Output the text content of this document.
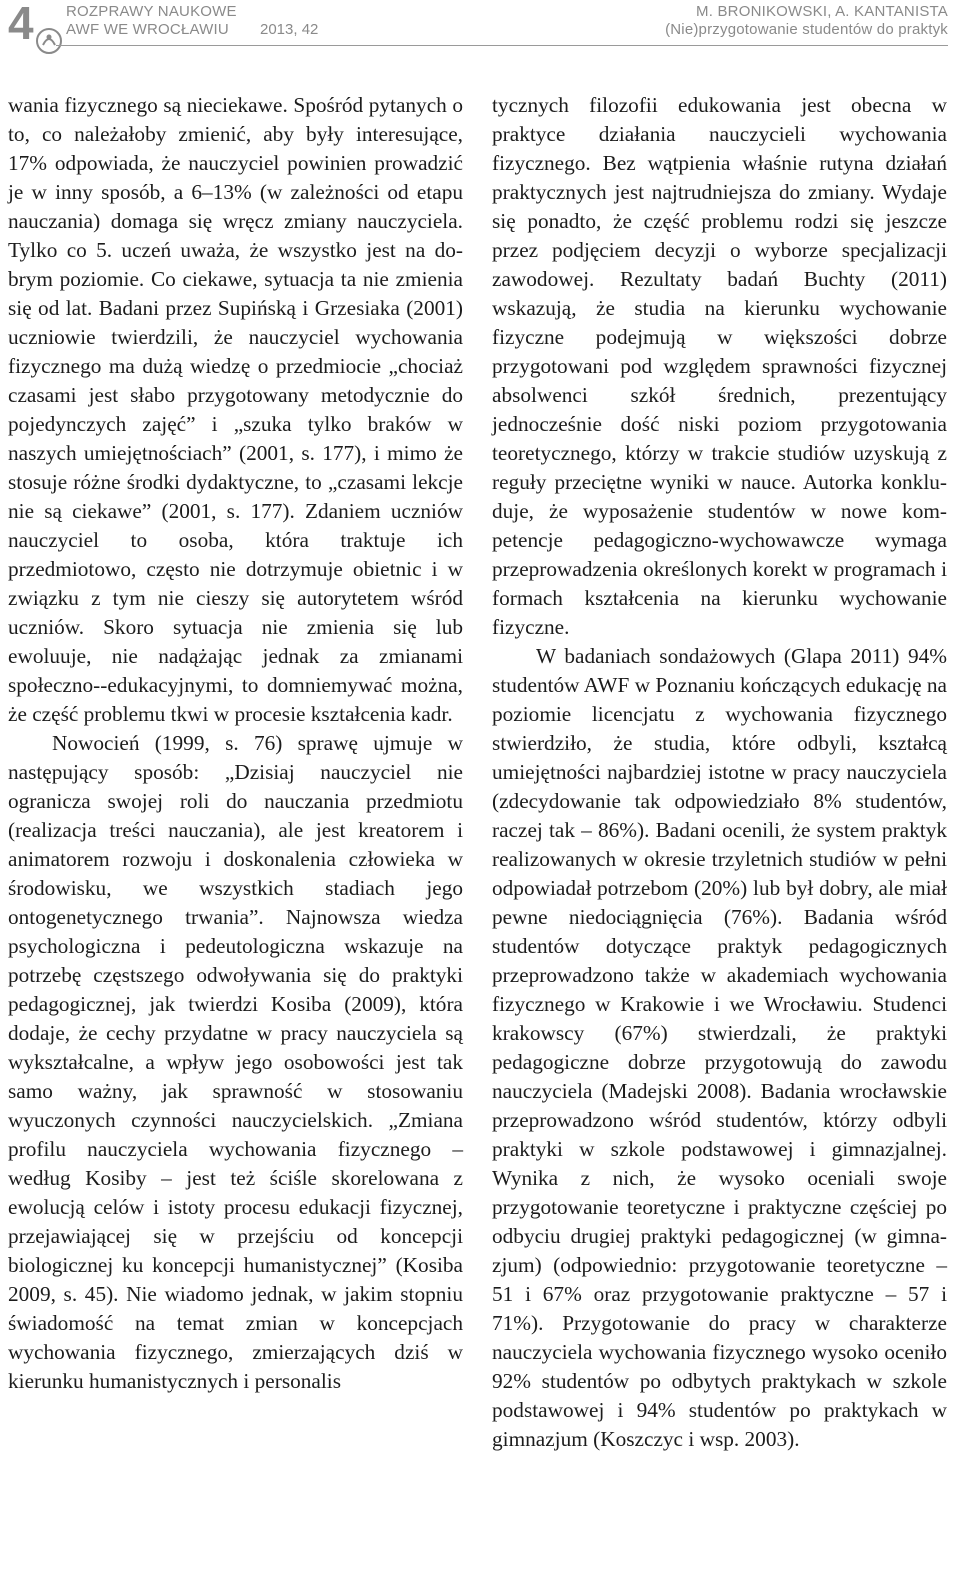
4 ROZPRAWY NAUKOWE
AWF WE WROCŁAWIU	2013, 42
M. BRONIKOWSKI, A. KANTANISTA
(Nie)przygotowanie studentów do praktyk

wania fizycznego są nieciekawe. Spośród pytanych o to, co należałoby zmienić, aby były interesujące, 17% odpowiada, że nauczyciel powinien prowadzić je w inny sposób, a 6–13% (w zależności od etapu nauczania) domaga się wręcz zmiany nauczyciela. Tylko co 5. uczeń uważa, że wszystko jest na dobrym poziomie. Co ciekawe, sytuacja ta nie zmienia się od lat. Badani przez Supińską i Grzesiaka (2001) uczniowie twierdzili, że nauczyciel wychowania fizycznego ma dużą wiedzę o przedmiocie „chociaż czasami jest słabo przygotowany metodycznie do pojedynczych zajęć” i „szuka tylko braków w naszych umiejętnościach” (2001, s. 177), i mimo że stosuje różne środki dydaktyczne, to „czasami lekcje nie są ciekawe” (2001, s. 177). Zdaniem uczniów nauczyciel to osoba, która traktuje ich przedmiotowo, często nie dotrzymuje obietnic i w związku z tym nie cieszy się autorytetem wśród uczniów. Skoro sytuacja nie zmienia się lub ewoluuje, nie nadążając jednak za zmianami społeczno‑-edukacyjnymi, to domniemywać można, że część problemu tkwi w procesie kształcenia kadr.

Nowocień (1999, s. 76) sprawę ujmuje w następujący sposób: „Dzisiaj nauczyciel nie ogranicza swojej roli do nauczania przedmiotu (realizacja treści nauczania), ale jest kreatorem i animatorem rozwoju i doskonalenia człowieka w środowisku, we wszystkich stadiach jego ontogenetycznego trwania”. Najnowsza wiedza psychologiczna i pedeutologiczna wskazuje na potrzebę częstszego odwoływania się do praktyki pedagogicznej, jak twierdzi Kosiba (2009), która dodaje, że cechy przydatne w pracy nauczyciela są wykształcalne, a wpływ jego osobowości jest tak samo ważny, jak sprawność w stosowaniu wyuczonych czynności nauczycielskich. „Zmiana profilu nauczyciela wychowania fizycznego – według Kosiby – jest też ściśle skorelowana z ewolucją celów i istoty procesu edukacji fizycznej, przejawiającej się w przejściu od koncepcji biologicznej ku koncepcji humanistycznej” (Kosiba 2009, s. 45). Nie wiadomo jednak, w jakim stopniu świadomość na temat zmian w koncepcjach wychowania fizycznego, zmierzających dziś w kierunku humanistycznych i personalis

tycznych filozofii edukowania jest obecna w praktyce działania nauczycieli wychowania fizycznego. Bez wątpienia właśnie rutyna działań praktycznych jest najtrudniejsza do zmiany. Wydaje się ponadto, że część problemu rodzi się jeszcze przez podjęciem decyzji o wyborze specjalizacji zawodowej. Rezultaty badań Buchty (2011) wskazują, że studia na kierunku wychowanie fizyczne podejmują w większości dobrze przygotowani pod względem sprawności fizycznej absolwenci szkół średnich, prezentujący jednocześnie dość niski poziom przygotowania teoretycznego, którzy w trakcie studiów uzyskują z reguły przeciętne wyniki w nauce. Autorka konkluduje, że wyposażenie studentów w nowe kompetencje pedagogiczno-wychowawcze wymaga przeprowadzenia określonych korekt w programach i formach kształcenia na kierunku wychowanie fizyczne.

W badaniach sondażowych (Glapa 2011) 94% studentów AWF w Poznaniu kończących edukację na poziomie licencjatu z wychowania fizycznego stwierdziło, że studia, które odbyli, kształcą umiejętności najbardziej istotne w pracy nauczyciela (zdecydowanie tak odpowiedziało 8% studentów, raczej tak – 86%). Badani ocenili, że system praktyk realizowanych w okresie trzyletnich studiów w pełni odpowiadał potrzebom (20%) lub był dobry, ale miał pewne niedociągnięcia (76%). Badania wśród studentów dotyczące praktyk pedagogicznych przeprowadzono także w akademiach wychowania fizycznego w Krakowie i we Wrocławiu. Studenci krakowscy (67%) stwierdzali, że praktyki pedagogiczne dobrze przygotowują do zawodu nauczyciela (Madejski 2008). Badania wrocławskie przeprowadzono wśród studentów, którzy odbyli praktyki w szkole podstawowej i gimnazjalnej. Wynika z nich, że wysoko oceniali swoje przygotowanie teoretyczne i praktyczne częściej po odbyciu drugiej praktyki pedagogicznej (w gimnazjum) (odpowiednio: przygotowanie teoretyczne – 51 i 67% oraz przygotowanie praktyczne – 57 i 71%). Przygotowanie do pracy w charakterze nauczyciela wychowania fizycznego wysoko oceniło 92% studentów po odbytych praktykach w szkole podstawowej i 94% studentów po praktykach w gimnazjum (Koszczyc i wsp. 2003).
